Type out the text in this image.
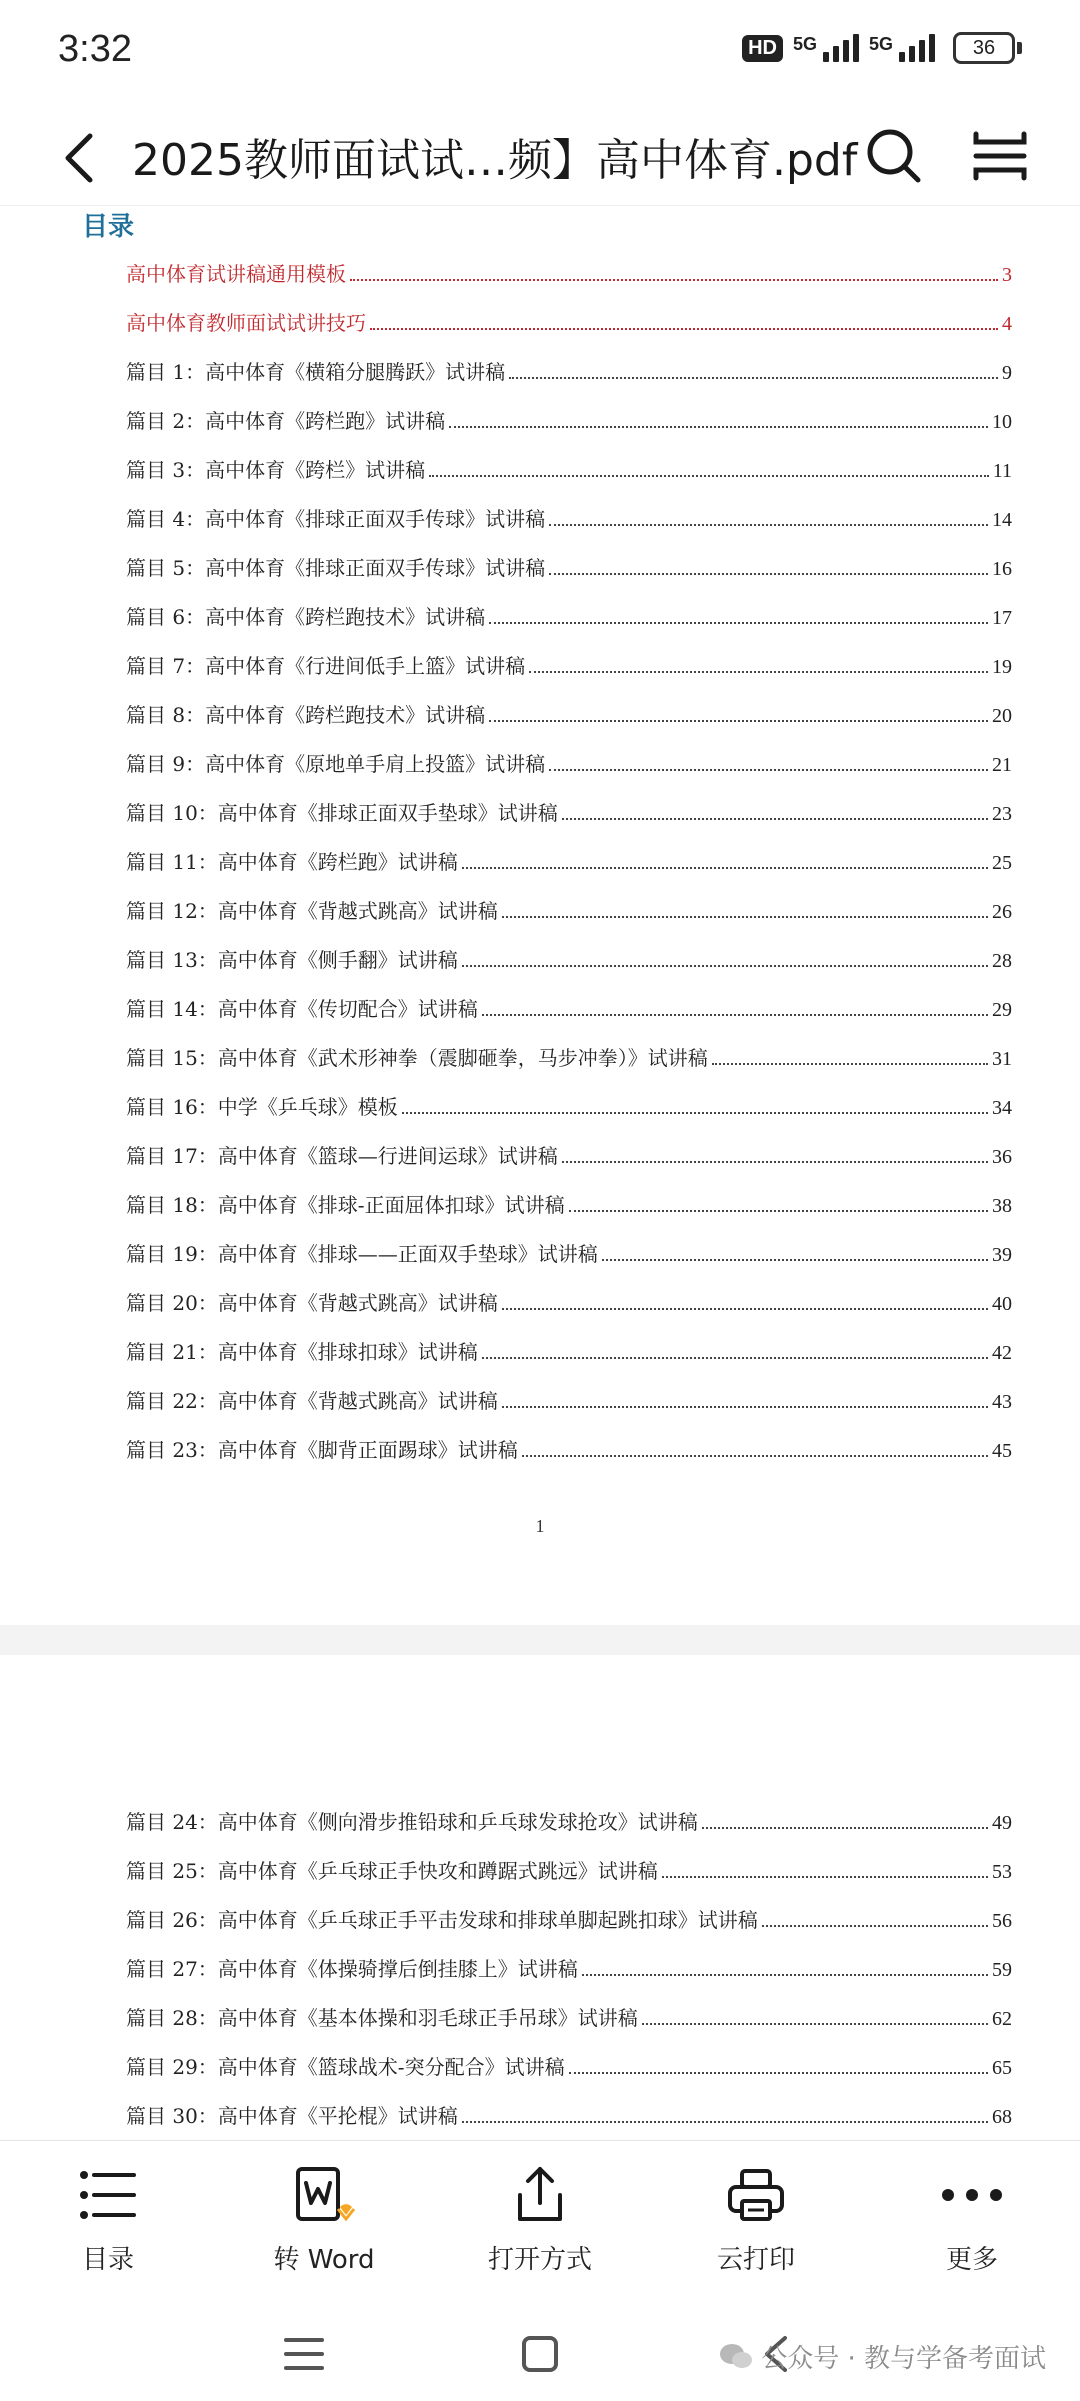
3:32	HD 5G	5G	36
2025教师面试试…频】高中体育.pdf
目录
高中体育试讲稿通用模板	3
高中体育教师面试试讲技巧	4
篇目 1：高中体育《横箱分腿腾跃》试讲稿	9
篇目 2：高中体育《跨栏跑》试讲稿	10
篇目 3：高中体育《跨栏》试讲稿	11
篇目 4：高中体育《排球正面双手传球》试讲稿	14
篇目 5：高中体育《排球正面双手传球》试讲稿	16
篇目 6：高中体育《跨栏跑技术》试讲稿	17
篇目 7：高中体育《行进间低手上篮》试讲稿	19
篇目 8：高中体育《跨栏跑技术》试讲稿	20
篇目 9：高中体育《原地单手肩上投篮》试讲稿	21
篇目 10：高中体育《排球正面双手垫球》试讲稿	23
篇目 11：高中体育《跨栏跑》试讲稿	25
篇目 12：高中体育《背越式跳高》试讲稿	26
篇目 13：高中体育《侧手翻》试讲稿	28
篇目 14：高中体育《传切配合》试讲稿	29
篇目 15：高中体育《武术形神拳（震脚砸拳，马步冲拳）》试讲稿	31
篇目 16：中学《乒乓球》模板	34
篇目 17：高中体育《篮球—行进间运球》试讲稿	36
篇目 18：高中体育《排球-正面屈体扣球》试讲稿	38
篇目 19：高中体育《排球——正面双手垫球》试讲稿	39
篇目 20：高中体育《背越式跳高》试讲稿	40
篇目 21：高中体育《排球扣球》试讲稿	42
篇目 22：高中体育《背越式跳高》试讲稿	43
篇目 23：高中体育《脚背正面踢球》试讲稿	45
1
篇目 24：高中体育《侧向滑步推铅球和乒乓球发球抢攻》试讲稿	49
篇目 25：高中体育《乒乓球正手快攻和蹲踞式跳远》试讲稿	53
篇目 26：高中体育《乒乓球正手平击发球和排球单脚起跳扣球》试讲稿	56
篇目 27：高中体育《体操骑撑后倒挂膝上》试讲稿	59
篇目 28：高中体育《基本体操和羽毛球正手吊球》试讲稿	62
篇目 29：高中体育《篮球战术-突分配合》试讲稿	65
篇目 30：高中体育《平抡棍》试讲稿	68
目录	转 Word	打开方式	云打印	更多
公众号 · 教与学备考面试
